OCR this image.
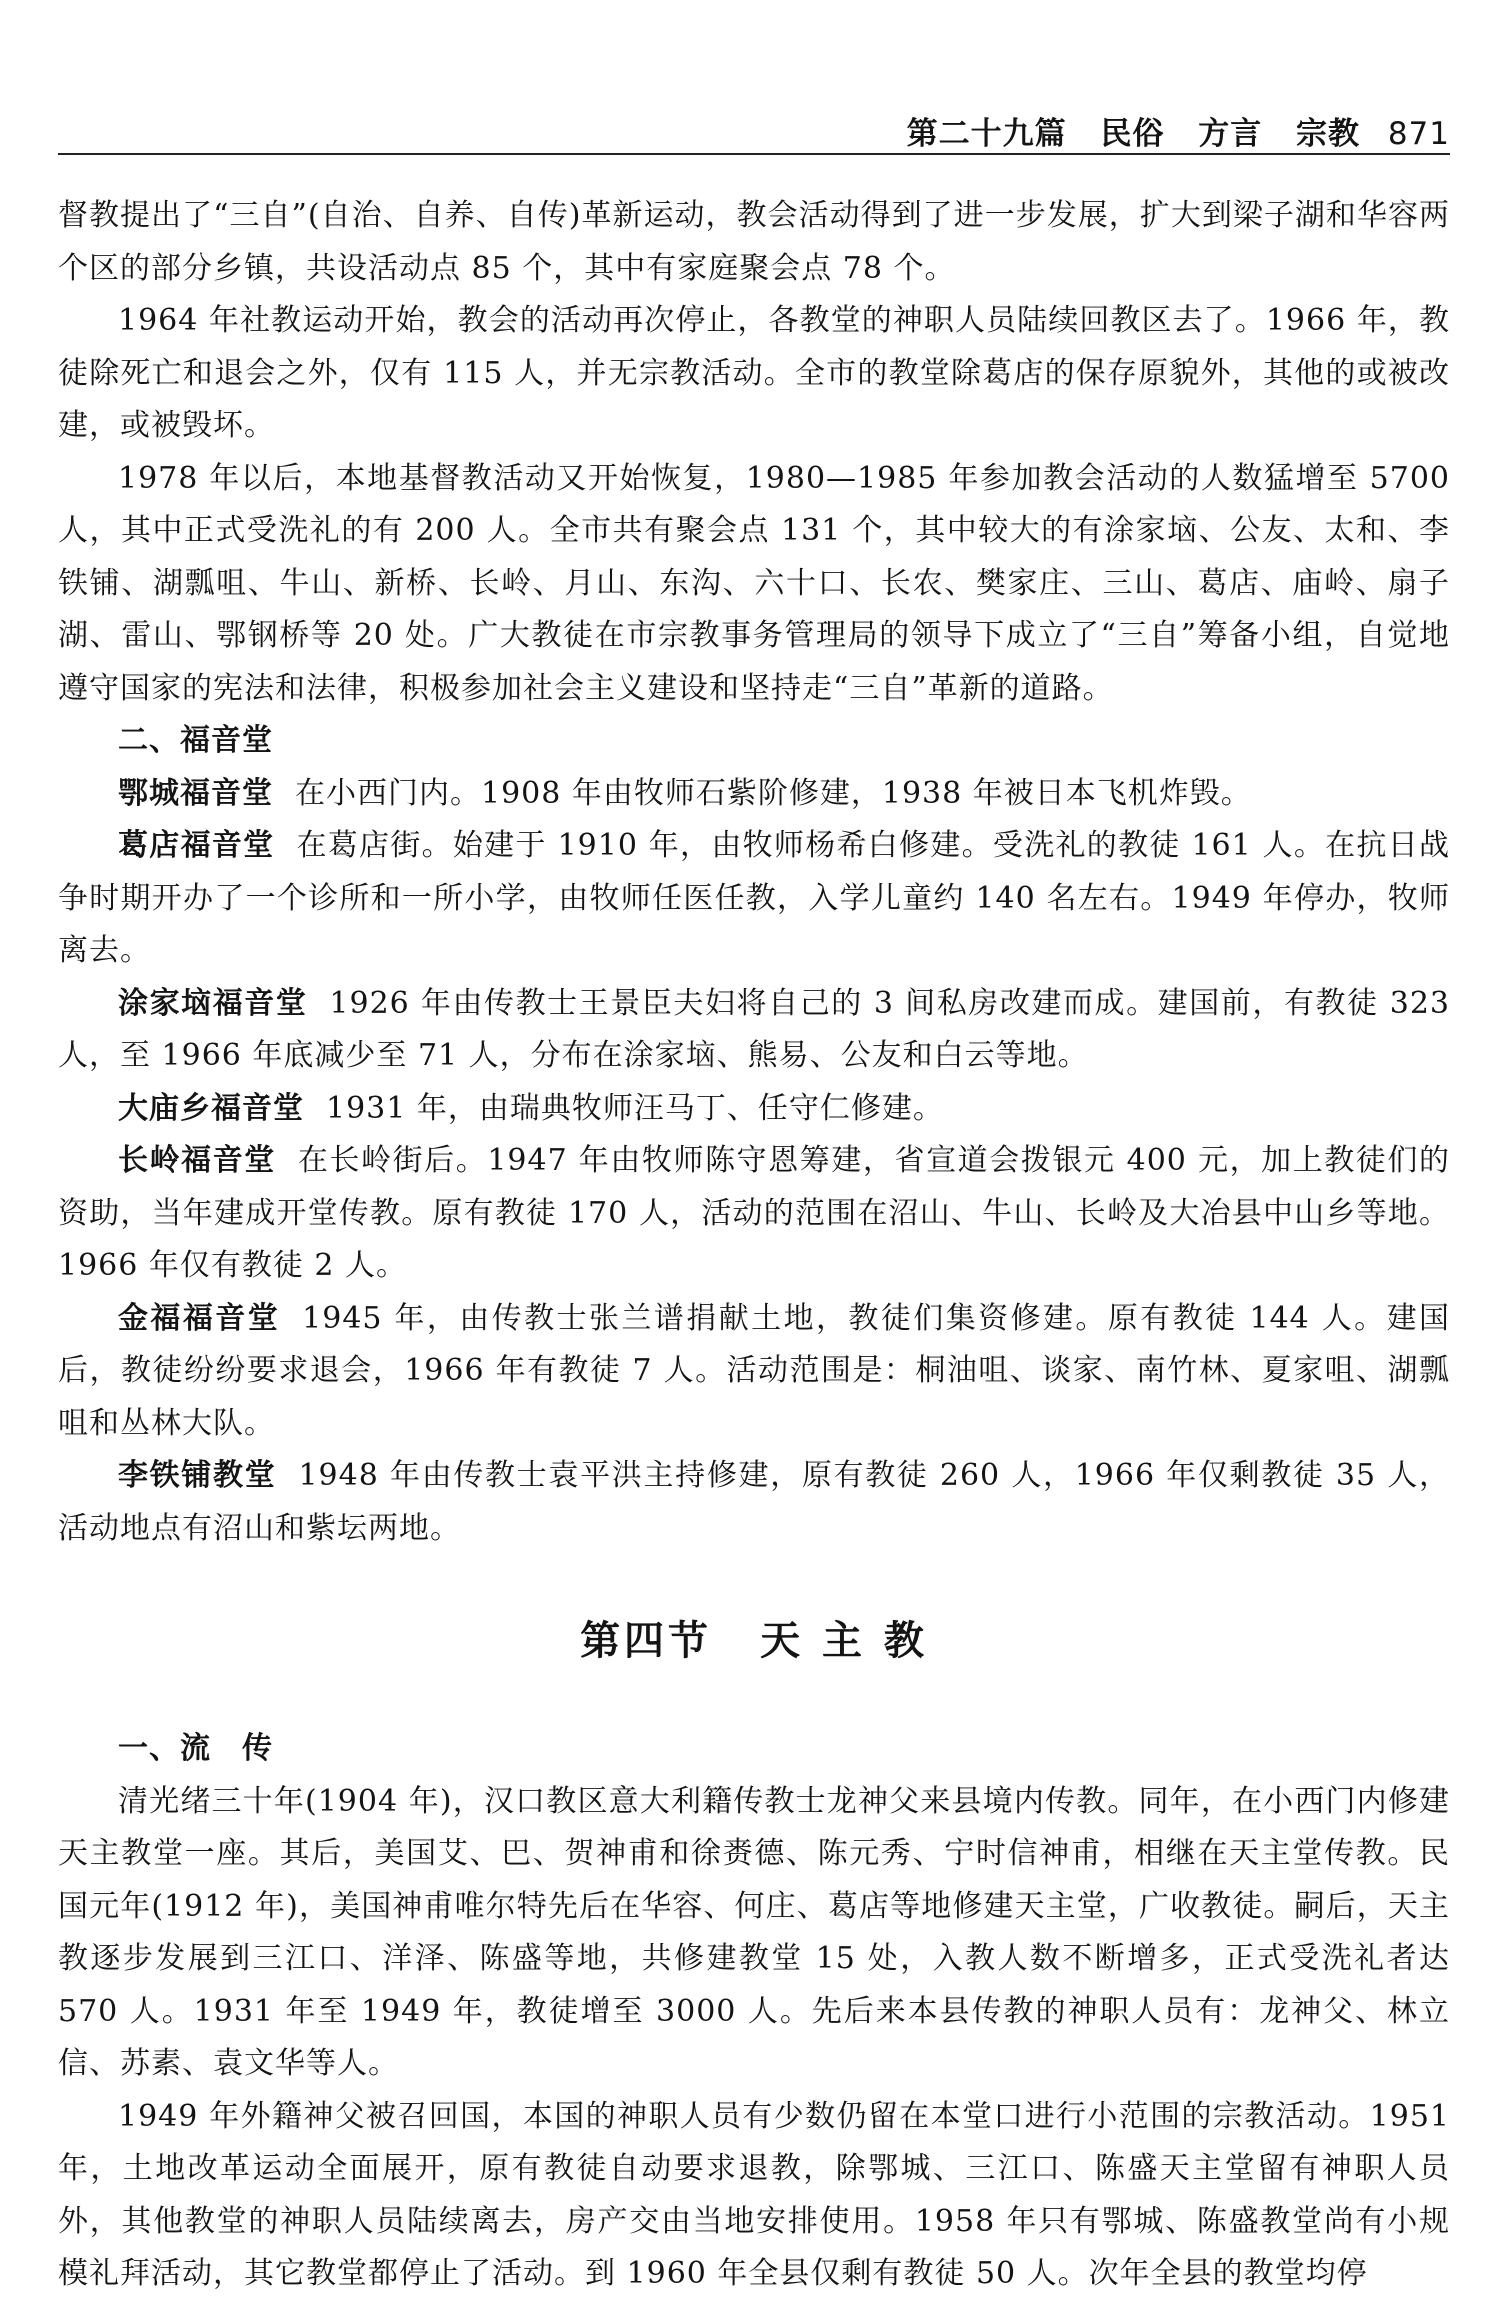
第二十九篇 民俗 方言 宗教 871

督教提出了“三自”(自治、自养、自传)革新运动，教会活动得到了进一步发展，扩大到梁子湖和华容两个区的部分乡镇，共设活动点 85 个，其中有家庭聚会点 78 个。

1964 年社教运动开始，教会的活动再次停止，各教堂的神职人员陆续回教区去了。1966 年，教徒除死亡和退会之外，仅有 115 人，并无宗教活动。全市的教堂除葛店的保存原貌外，其他的或被改建，或被毁坏。

1978 年以后，本地基督教活动又开始恢复，1980—1985 年参加教会活动的人数猛增至 5700 人，其中正式受洗礼的有 200 人。全市共有聚会点 131 个，其中较大的有涂家垴、公友、太和、李铁铺、湖瓢咀、牛山、新桥、长岭、月山、东沟、六十口、长农、樊家庄、三山、葛店、庙岭、扇子湖、雷山、鄂钢桥等 20 处。广大教徒在市宗教事务管理局的领导下成立了“三自”筹备小组，自觉地遵守国家的宪法和法律，积极参加社会主义建设和坚持走“三自”革新的道路。

二、福音堂

鄂城福音堂 在小西门内。1908 年由牧师石紫阶修建，1938 年被日本飞机炸毁。

葛店福音堂 在葛店街。始建于 1910 年，由牧师杨希白修建。受洗礼的教徒 161 人。在抗日战争时期开办了一个诊所和一所小学，由牧师任医任教，入学儿童约 140 名左右。1949 年停办，牧师离去。

涂家垴福音堂 1926 年由传教士王景臣夫妇将自己的 3 间私房改建而成。建国前，有教徒 323 人，至 1966 年底减少至 71 人，分布在涂家垴、熊易、公友和白云等地。

大庙乡福音堂 1931 年，由瑞典牧师汪马丁、任守仁修建。

长岭福音堂 在长岭街后。1947 年由牧师陈守恩筹建，省宣道会拨银元 400 元，加上教徒们的资助，当年建成开堂传教。原有教徒 170 人，活动的范围在沼山、牛山、长岭及大冶县中山乡等地。1966 年仅有教徒 2 人。

金福福音堂 1945 年，由传教士张兰谱捐献土地，教徒们集资修建。原有教徒 144 人。建国后，教徒纷纷要求退会，1966 年有教徒 7 人。活动范围是：桐油咀、谈家、南竹林、夏家咀、湖瓢咀和丛林大队。

李铁铺教堂 1948 年由传教士袁平洪主持修建，原有教徒 260 人，1966 年仅剩教徒 35 人，活动地点有沼山和紫坛两地。

第四节 天 主 教

一、流　传

清光绪三十年(1904 年)，汉口教区意大利籍传教士龙神父来县境内传教。同年，在小西门内修建天主教堂一座。其后，美国艾、巴、贺神甫和徐赉德、陈元秀、宁时信神甫，相继在天主堂传教。民国元年(1912 年)，美国神甫唯尔特先后在华容、何庄、葛店等地修建天主堂，广收教徒。嗣后，天主教逐步发展到三江口、洋泽、陈盛等地，共修建教堂 15 处，入教人数不断增多，正式受洗礼者达 570 人。1931 年至 1949 年，教徒增至 3000 人。先后来本县传教的神职人员有：龙神父、林立信、苏素、袁文华等人。

1949 年外籍神父被召回国，本国的神职人员有少数仍留在本堂口进行小范围的宗教活动。1951 年，土地改革运动全面展开，原有教徒自动要求退教，除鄂城、三江口、陈盛天主堂留有神职人员外，其他教堂的神职人员陆续离去，房产交由当地安排使用。1958 年只有鄂城、陈盛教堂尚有小规模礼拜活动，其它教堂都停止了活动。到 1960 年全县仅剩有教徒 50 人。次年全县的教堂均停
